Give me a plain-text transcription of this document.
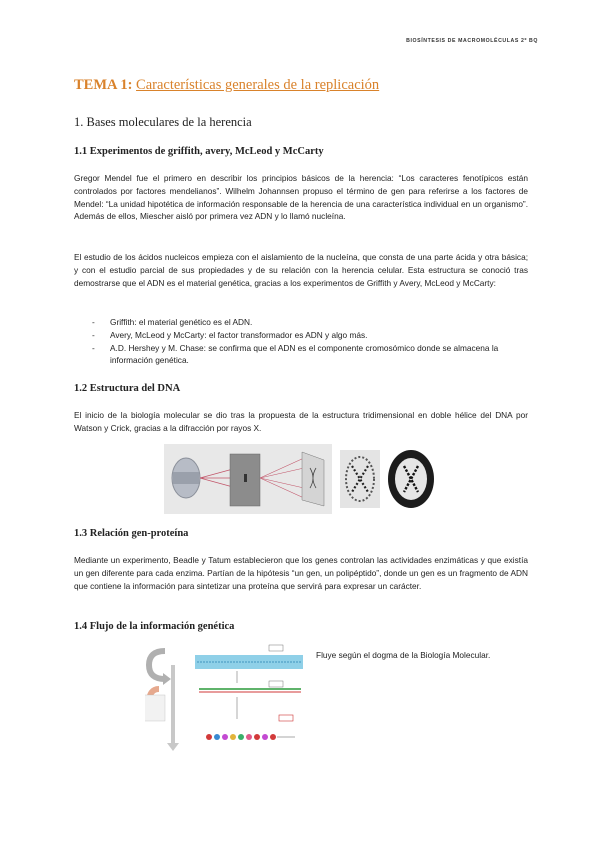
BIOSÍNTESIS DE MACROMOLÉCULAS 2º BQ
TEMA 1: Características generales de la replicación
1. Bases moleculares de la herencia
1.1 Experimentos de griffith, avery, McLeod y McCarty

Gregor Mendel fue el primero en describir los principios básicos de la herencia: “Los caracteres fenotípicos están controlados por factores mendelianos”. Wilhelm Johannsen propuso el término de gen para referirse a los factores de Mendel: “La unidad hipotética de información responsable de la herencia de una característica individual en un organismo”. Además de ellos, Miescher aisló por primera vez ADN y lo llamó nucleína.

El estudio de los ácidos nucleicos empieza con el aislamiento de la nucleína, que consta de una parte ácida y otra básica; y con el estudio parcial de sus propiedades y de su relación con la herencia celular. Esta estructura se conoció tras demostrarse que el ADN es el material genética, gracias a los experimentos de Griffith y Avery, McLeod y McCarty:

- Griffith: el material genético es el ADN.
- Avery, McLeod y McCarty: el factor transformador es ADN y algo más.
- A.D. Hershey y M. Chase: se confirma que el ADN es el componente cromosómico donde se almacena la información genética.
1.2 Estructura del DNA

El inicio de la biología molecular se dio tras la propuesta de la estructura tridimensional en doble hélice del DNA por Watson y Crick, gracias a la difracción por rayos X.

1.3 Relación gen-proteína

Mediante un experimento, Beadle y Tatum establecieron que los genes controlan las actividades enzimáticas y que existía un gen diferente para cada enzima. Partían de la hipótesis “un gen, un polipéptido”, donde un gen es un fragmento de ADN que contiene la información para sintetizar una proteína que servirá para expresar un carácter.

1.4 Flujo de la información genética

Fluye según el dogma de la Biología Molecular.
